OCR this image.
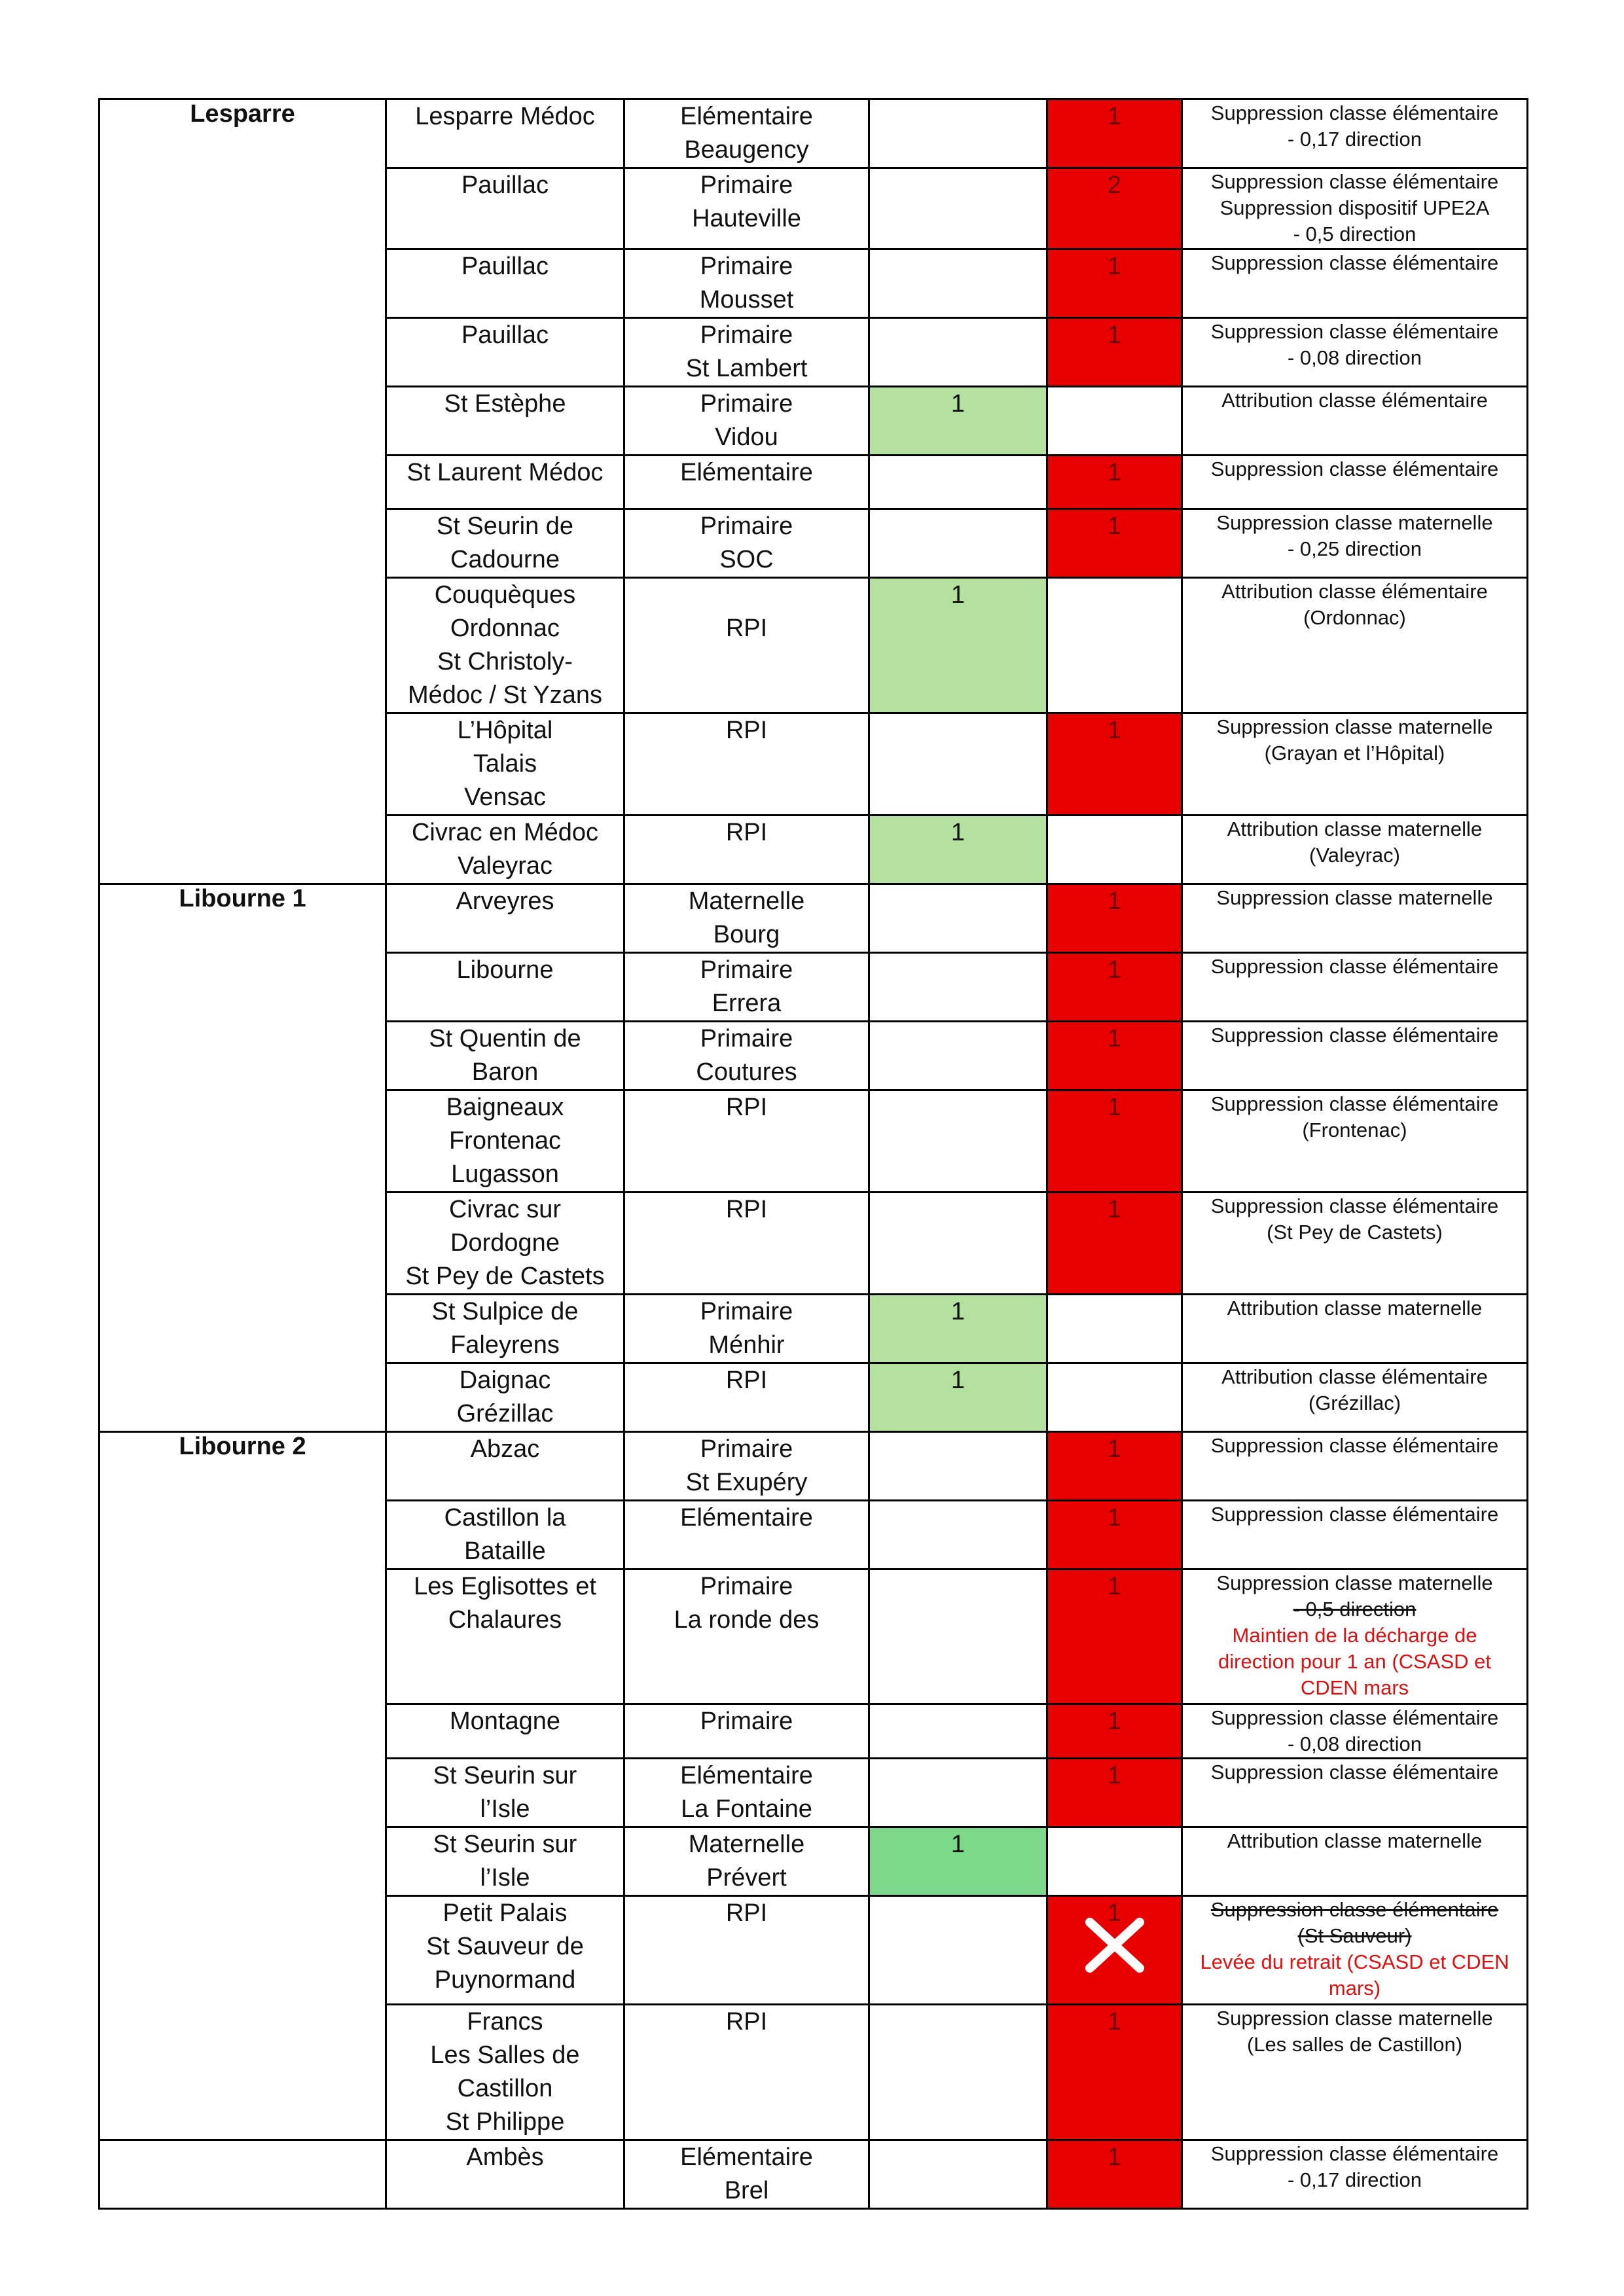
Lesparre	Lesparre Médoc	Elémentaire
Beaugency		1	Suppression classe élémentaire
- 0,17 direction

	Pauillac	Primaire
Hauteville		2	Suppression classe élémentaire
Suppression dispositif UPE2A
- 0,5 direction

	Pauillac	Primaire
Mousset		1	Suppression classe élémentaire

	Pauillac	Primaire
St Lambert		1	Suppression classe élémentaire
- 0,08 direction

	St Estèphe	Primaire
Vidou	1		Attribution classe élémentaire

	St Laurent Médoc	Elémentaire		1	Suppression classe élémentaire

	St Seurin de
Cadourne	Primaire
SOC		1	Suppression classe maternelle
- 0,25 direction

	Couquèques
Ordonnac
St Christoly-
Médoc / St Yzans	RPI	1		Attribution classe élémentaire
(Ordonnac)

	L’Hôpital
Talais
Vensac	RPI		1	Suppression classe maternelle
(Grayan et l’Hôpital)

	Civrac en Médoc
Valeyrac	RPI	1		Attribution classe maternelle
(Valeyrac)

Libourne 1	Arveyres	Maternelle
Bourg		1	Suppression classe maternelle

	Libourne	Primaire
Errera		1	Suppression classe élémentaire

	St Quentin de
Baron	Primaire
Coutures		1	Suppression classe élémentaire

	Baigneaux
Frontenac
Lugasson	RPI		1	Suppression classe élémentaire
(Frontenac)

	Civrac sur
Dordogne
St Pey de Castets	RPI		1	Suppression classe élémentaire
(St Pey de Castets)

	St Sulpice de
Faleyrens	Primaire
Ménhir	1		Attribution classe maternelle

	Daignac
Grézillac	RPI	1		Attribution classe élémentaire
(Grézillac)

Libourne 2	Abzac	Primaire
St Exupéry		1	Suppression classe élémentaire

	Castillon la
Bataille	Elémentaire		1	Suppression classe élémentaire

	Les Eglisottes et
Chalaures	Primaire
La ronde des		1	Suppression classe maternelle
- 0,5 direction
Maintien de la décharge de
direction pour 1 an (CSASD et
CDEN mars

	Montagne	Primaire		1	Suppression classe élémentaire
- 0,08 direction

	St Seurin sur
l’Isle	Elémentaire
La Fontaine		1	Suppression classe élémentaire

	St Seurin sur
l’Isle	Maternelle
Prévert	1		Attribution classe maternelle

	Petit Palais
St Sauveur de
Puynormand	RPI		1	Suppression classe élémentaire
(St Sauveur)
Levée du retrait (CSASD et CDEN
mars)

	Francs
Les Salles de
Castillon
St Philippe	RPI		1	Suppression classe maternelle
(Les salles de Castillon)

	Ambès	Elémentaire
Brel		1	Suppression classe élémentaire
- 0,17 direction
